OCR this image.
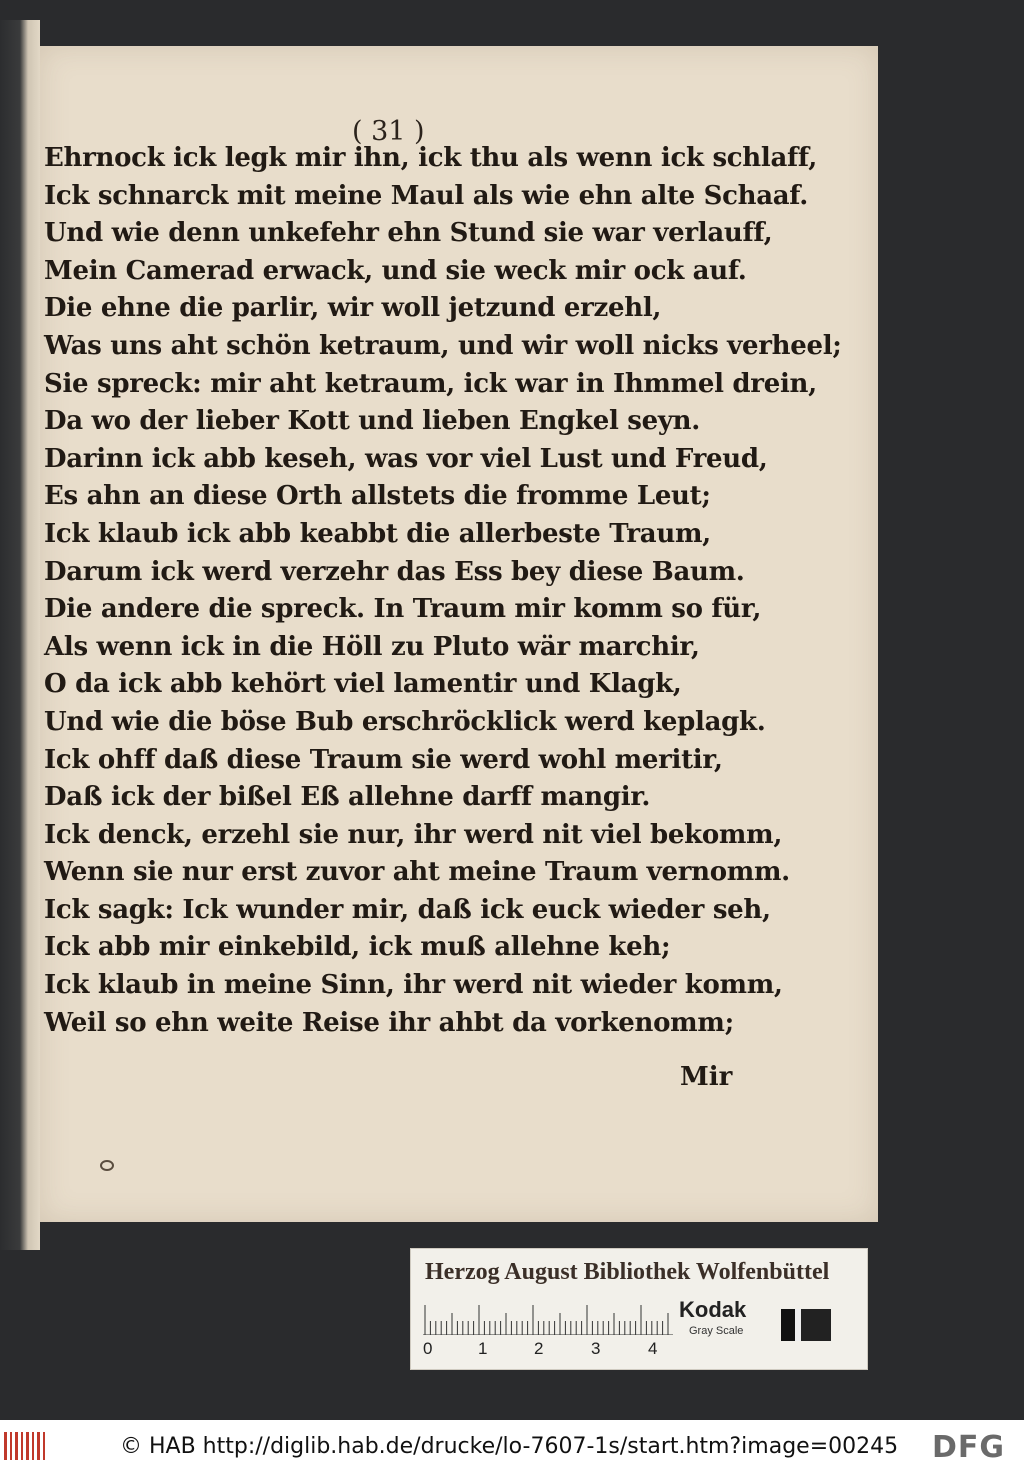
( 31 )
Ehrnock ick legk mir ihn, ick thu als wenn ick schlaff,
Ick schnarck mit meine Maul als wie ehn alte Schaaf.
Und wie denn unkefehr ehn Stund sie war verlauff,
Mein Camerad erwack, und sie weck mir ock auf.
Die ehne die parlir, wir woll jetzund erzehl,
Was uns aht schön ketraum, und wir woll nicks verheel;
Sie spreck: mir aht ketraum, ick war in Ihmmel drein,
Da wo der lieber Kott und lieben Engkel seyn.
Darinn ick abb keseh, was vor viel Lust und Freud,
Es ahn an diese Orth allstets die fromme Leut;
Ick klaub ick abb keabbt die allerbeste Traum,
Darum ick werd verzehr das Ess bey diese Baum.
Die andere die spreck. In Traum mir komm so für,
Als wenn ick in die Höll zu Pluto wär marchir,
O da ick abb kehört viel lamentir und Klagk,
Und wie die böse Bub erschröcklick werd keplagk.
Ick ohff daß diese Traum sie werd wohl meritir,
Daß ick der bißel Eß allehne darff mangir.
Ick denck, erzehl sie nur, ihr werd nit viel bekomm,
Wenn sie nur erst zuvor aht meine Traum vernomm.
Ick sagk: Ick wunder mir, daß ick euck wieder seh,
Ick abb mir einkebild, ick muß allehne keh;
Ick klaub in meine Sinn, ihr werd nit wieder komm,
Weil so ehn weite Reise ihr ahbt da vorkenomm;
Mir
Herzog August Bibliothek Wolfenbüttel
0	1	2	3	4
Kodak
Gray Scale
© HAB http://diglib.hab.de/drucke/lo-7607-1s/start.htm?image=00245 DFG
